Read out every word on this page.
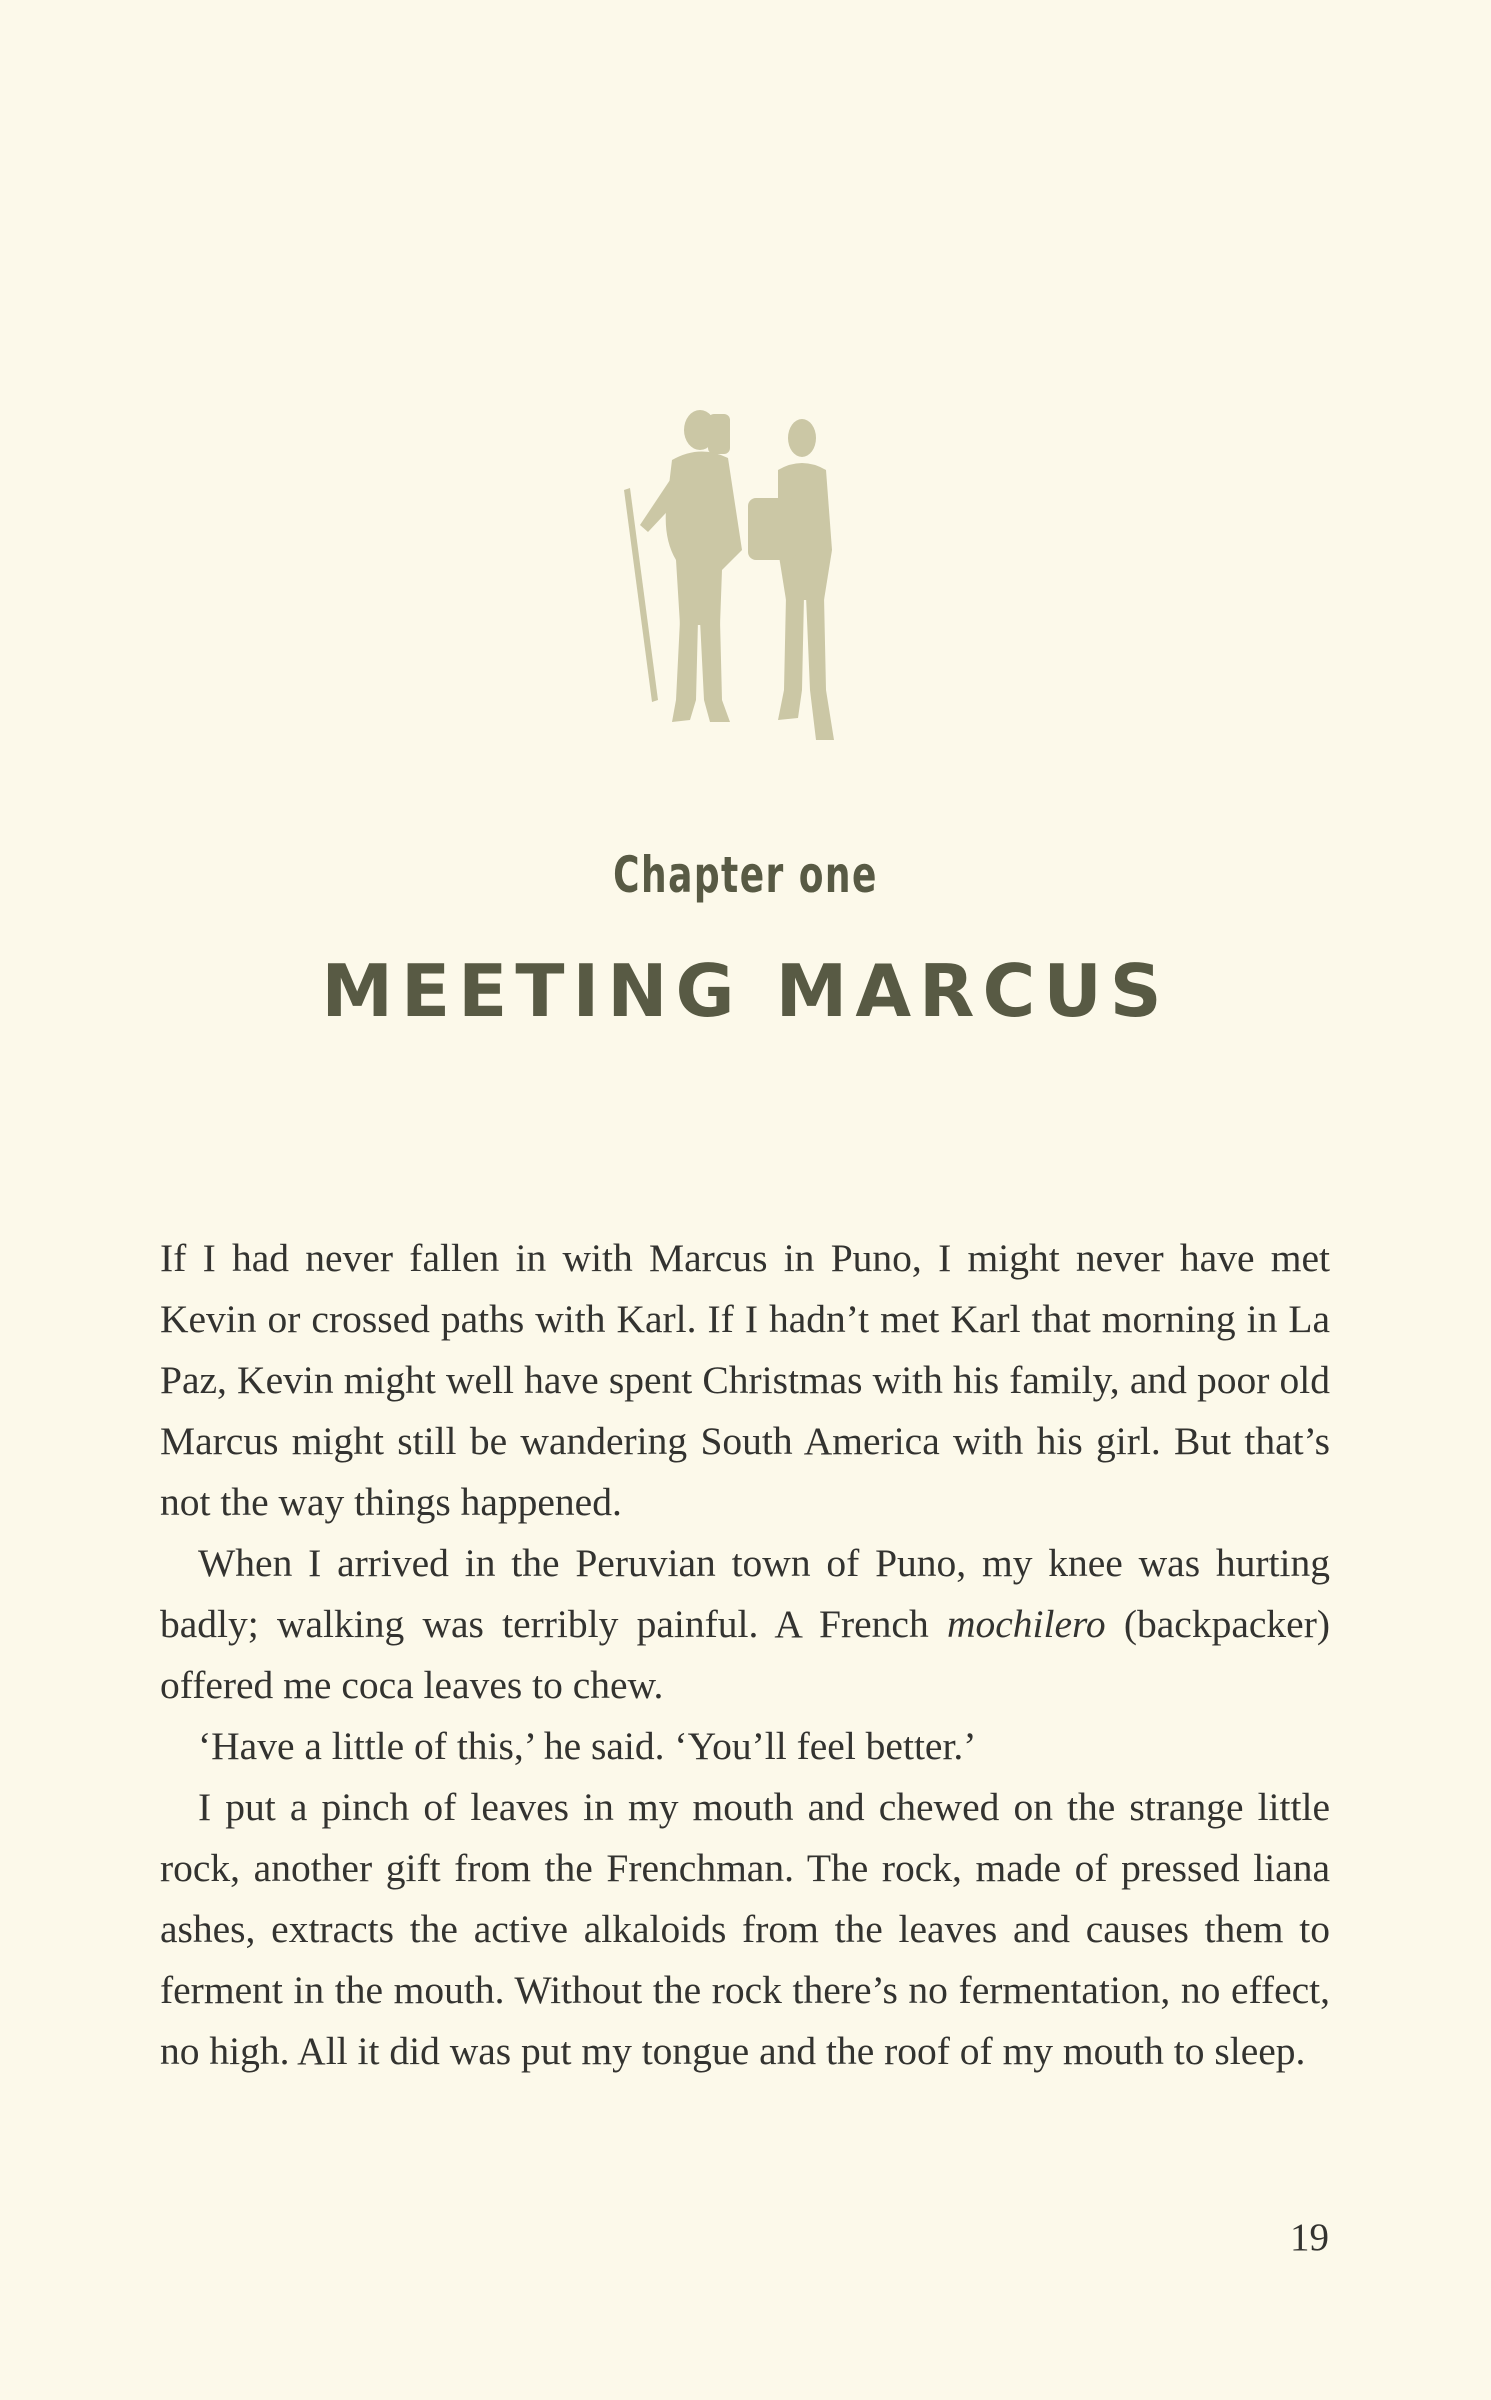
Chapter one
MEETING MARCUS

If I had never fallen in with Marcus in Puno, I might never have met Kevin or crossed paths with Karl. If I hadn’t met Karl that morning in La Paz, Kevin might well have spent Christmas with his family, and poor old Marcus might still be wandering South America with his girl. But that’s not the way things happened.

When I arrived in the Peruvian town of Puno, my knee was hurting badly; walking was terribly painful. A French mochilero (backpacker) offered me coca leaves to chew.

‘Have a little of this,’ he said. ‘You’ll feel better.’

I put a pinch of leaves in my mouth and chewed on the strange little rock, another gift from the Frenchman. The rock, made of pressed liana ashes, extracts the active alkaloids from the leaves and causes them to ferment in the mouth. Without the rock there’s no fermentation, no effect, no high. All it did was put my tongue and the roof of my mouth to sleep.

19
